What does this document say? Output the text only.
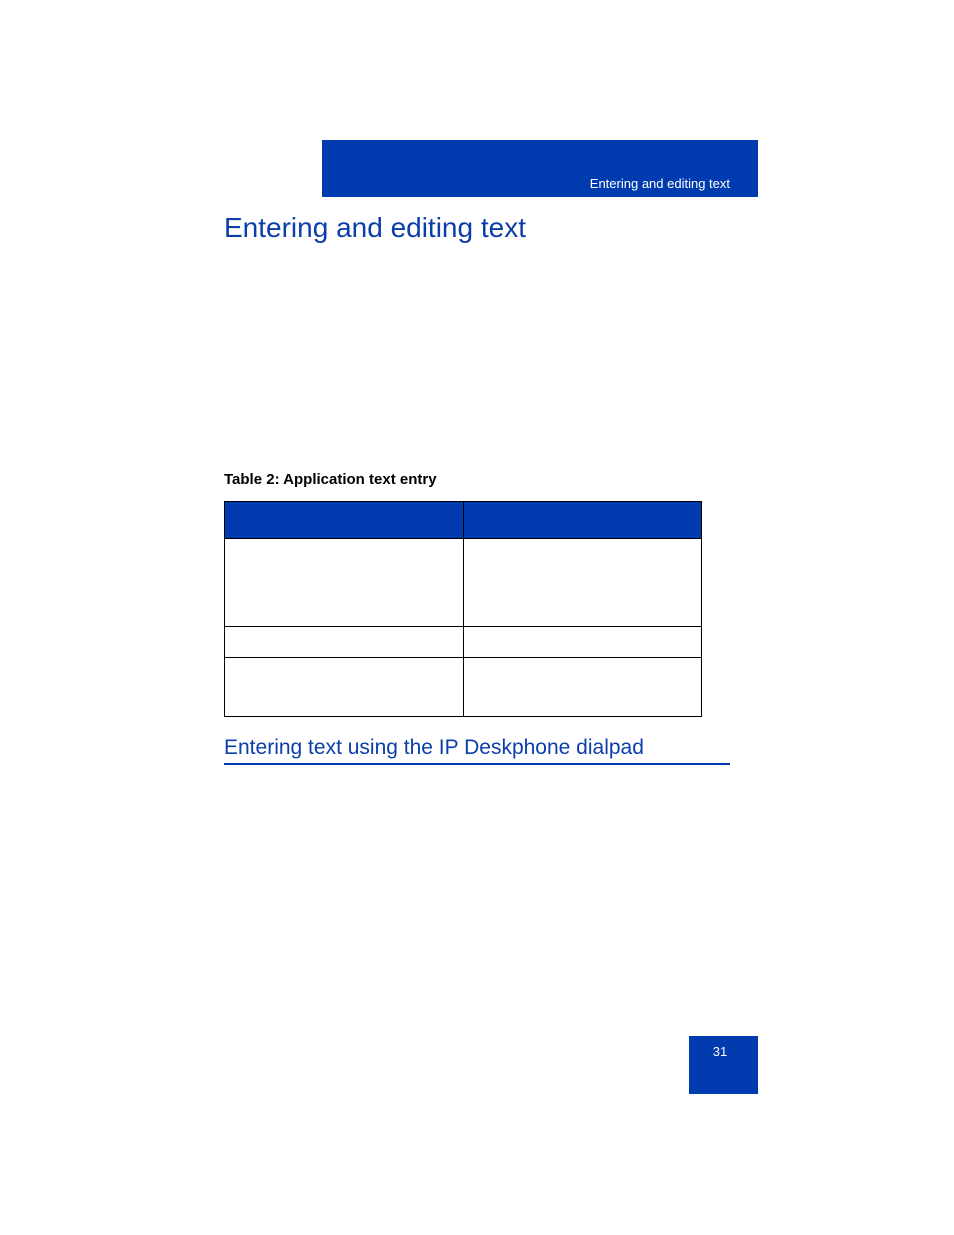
Entering and editing text
Entering and editing text
Table 2: Application text entry

Entering text using the IP Deskphone dialpad
31
